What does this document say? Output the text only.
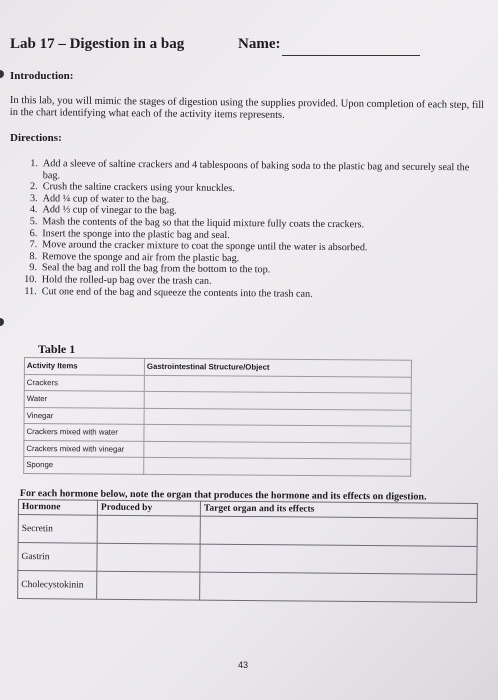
Lab 17 – Digestion in a bag	Name:
Introduction:
In this lab, you will mimic the stages of digestion using the supplies provided. Upon completion of each step, fill in the chart identifying what each of the activity items represents.
Directions:
1. Add a sleeve of saltine crackers and 4 tablespoons of baking soda to the plastic bag and securely seal the bag.
2. Crush the saltine crackers using your knuckles.
3. Add ¼ cup of water to the bag.
4. Add ⅓ cup of vinegar to the bag.
5. Mash the contents of the bag so that the liquid mixture fully coats the crackers.
6. Insert the sponge into the plastic bag and seal.
7. Move around the cracker mixture to coat the sponge until the water is absorbed.
8. Remove the sponge and air from the plastic bag.
9. Seal the bag and roll the bag from the bottom to the top.
10. Hold the rolled-up bag over the trash can.
11. Cut one end of the bag and squeeze the contents into the trash can.
Table 1
Activity Items	Gastrointestinal Structure/Object
Crackers	
Water	
Vinegar	
Crackers mixed with water	
Crackers mixed with vinegar	
Sponge	
For each hormone below, note the organ that produces the hormone and its effects on digestion.
Hormone	Produced by	Target organ and its effects
Secretin		
Gastrin		
Cholecystokinin		
43
